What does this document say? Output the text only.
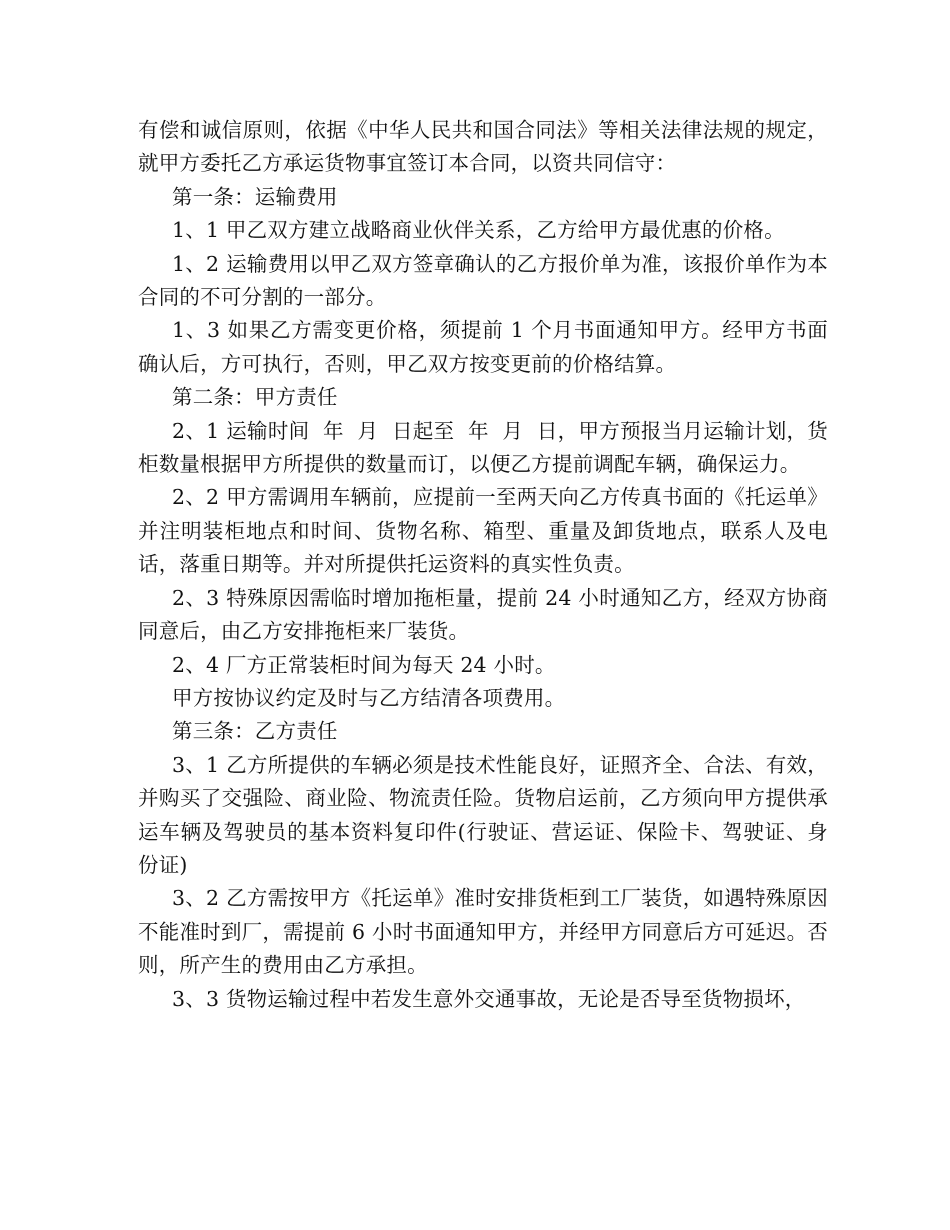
有偿和诚信原则，依据《中华人民共和国合同法》等相关法律法规的规定，就甲方委托乙方承运货物事宜签订本合同，以资共同信守：

第一条：运输费用

1、1 甲乙双方建立战略商业伙伴关系，乙方给甲方最优惠的价格。

1、2 运输费用以甲乙双方签章确认的乙方报价单为准，该报价单作为本合同的不可分割的一部分。

1、3 如果乙方需变更价格，须提前 1 个月书面通知甲方。经甲方书面确认后，方可执行，否则，甲乙双方按变更前的价格结算。

第二条：甲方责任

2、1 运输时间  年  月  日起至  年  月  日，甲方预报当月运输计划，货柜数量根据甲方所提供的数量而订，以便乙方提前调配车辆，确保运力。

2、2 甲方需调用车辆前，应提前一至两天向乙方传真书面的《托运单》并注明装柜地点和时间、货物名称、箱型、重量及卸货地点，联系人及电话，落重日期等。并对所提供托运资料的真实性负责。

2、3 特殊原因需临时增加拖柜量，提前 24 小时通知乙方，经双方协商同意后，由乙方安排拖柜来厂装货。

2、4 厂方正常装柜时间为每天 24 小时。

甲方按协议约定及时与乙方结清各项费用。

第三条：乙方责任

3、1 乙方所提供的车辆必须是技术性能良好，证照齐全、合法、有效，并购买了交强险、商业险、物流责任险。货物启运前，乙方须向甲方提供承运车辆及驾驶员的基本资料复印件(行驶证、营运证、保险卡、驾驶证、身份证)

3、2 乙方需按甲方《托运单》准时安排货柜到工厂装货，如遇特殊原因不能准时到厂，需提前 6 小时书面通知甲方，并经甲方同意后方可延迟。否则，所产生的费用由乙方承担。

3、3 货物运输过程中若发生意外交通事故，无论是否导至货物损坏，
